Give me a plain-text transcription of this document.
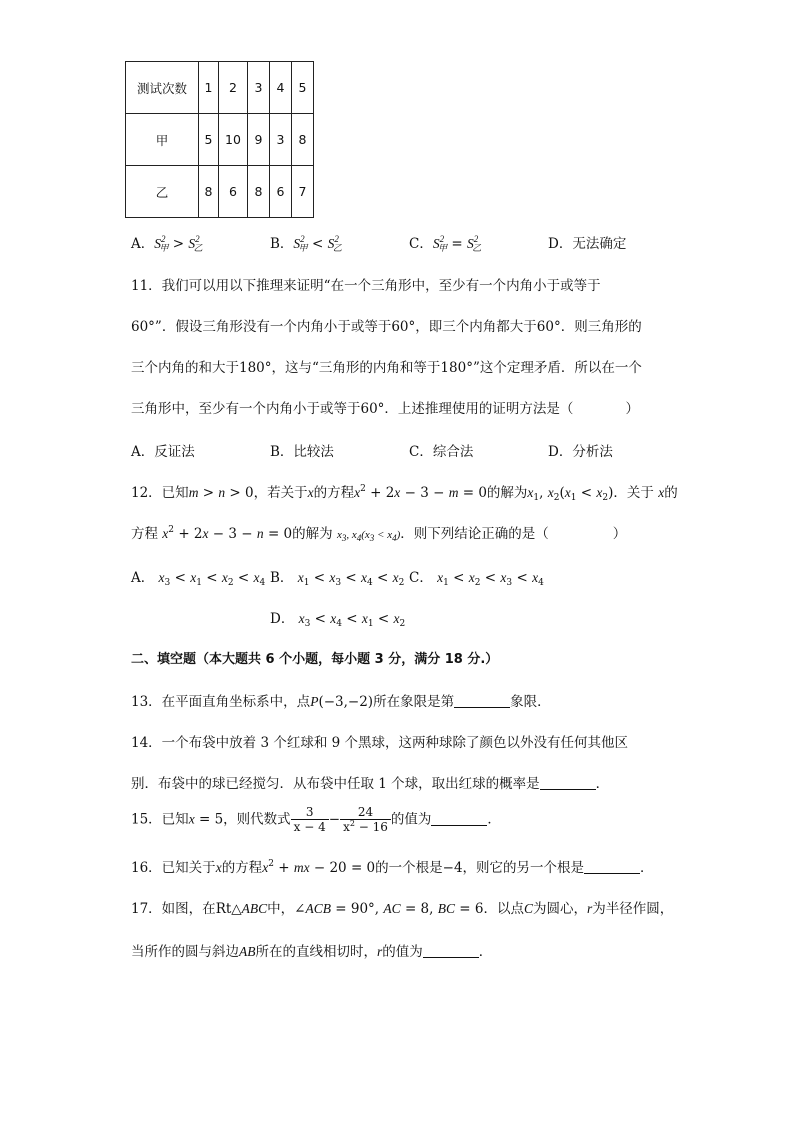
测试次数	1	2	3	4	5
甲	5	10	9	3	8
乙	8	6	8	6	7
A．$S^2_甲 > S^2_乙$	B．$S^2_甲 < S^2_乙$	C．$S^2_甲 = S^2_乙$	D．无法确定
11．我们可以用以下推理来证明“在一个三角形中，至少有一个内角小于或等于
60°”．假设三角形没有一个内角小于或等于60°，即三个内角都大于60°．则三角形的
三个内角的和大于180°，这与“三角形的内角和等于180°”这个定理矛盾．所以在一个
三角形中，至少有一个内角小于或等于60°．上述推理使用的证明方法是（	）
A．反证法	B．比较法	C．综合法	D．分析法
12．已知m > n > 0，若关于x的方程$x^2 + 2x - 3 - m = 0$的解为$x_1$, $x_2(x_1 < x_2)$．关于 x的
方程 $x^2 + 2x - 3 - n = 0$的解为 $x_3$, $x_4(x_3 < x_4)$．则下列结论正确的是（	）
A． $x_3 < x_1 < x_2 < x_4$ B． $x_1 < x_3 < x_4 < x_2$ C． $x_1 < x_2 < x_3 < x_4$
D． $x_3 < x_4 < x_1 < x_2$
二、填空题（本大题共 6 个小题，每小题 3 分，满分 18 分.）
13．在平面直角坐标系中，点P(−3,−2)所在象限是第	象限．
14．一个布袋中放着 3 个红球和 9 个黑球，这两种球除了颜色以外没有任何其他区
别．布袋中的球已经搅匀．从布袋中任取 1 个球，取出红球的概率是	．
15．已知x = 5，则代数式 $\frac{3}{x - 4} - \frac{24}{x^2 - 16}$ 的值为	．
16．已知关于x的方程$x^2$ + mx − 20 = 0的一个根是−4，则它的另一个根是	．
17．如图，在Rt△ABC中，∠ACB = 90°, AC = 8, BC = 6．以点C为圆心，r为半径作圆，
当所作的圆与斜边AB所在的直线相切时，r的值为	．
